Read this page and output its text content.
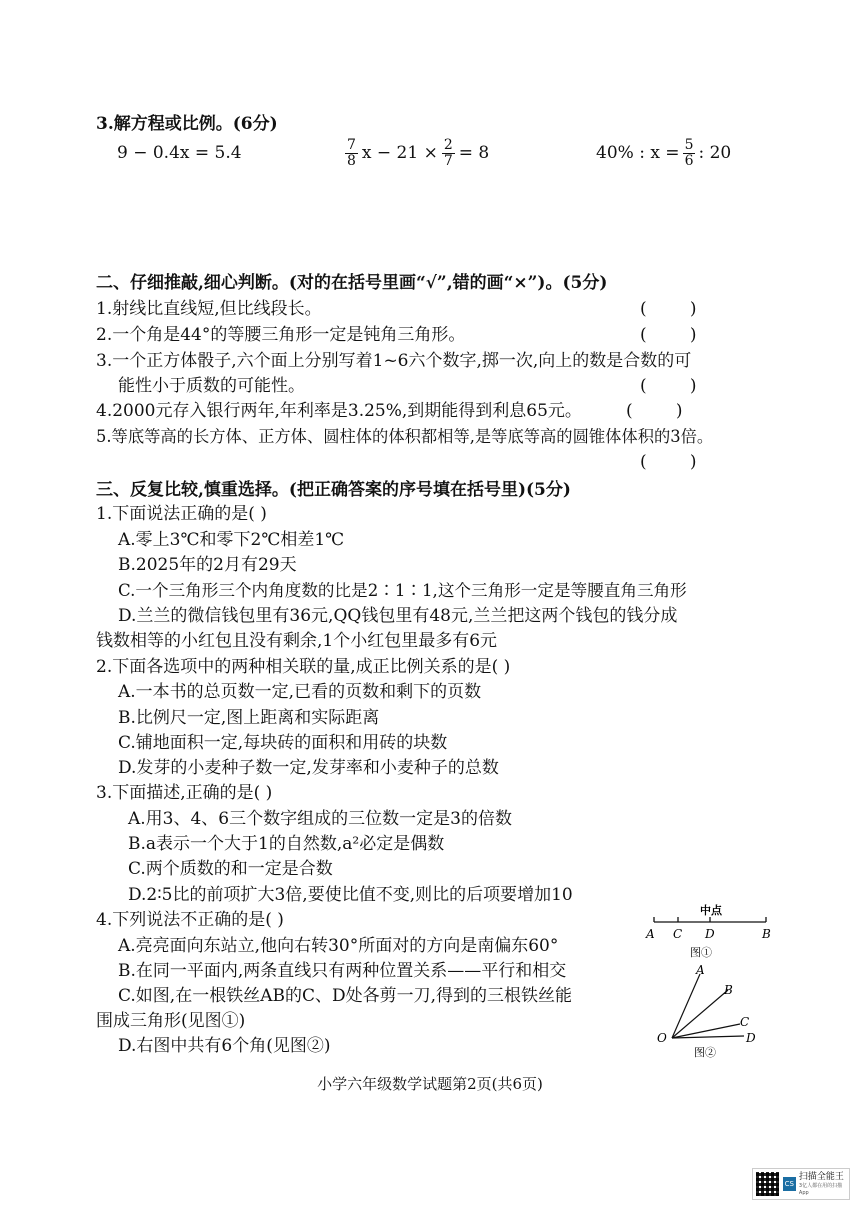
3.解方程或比例。(6分)
9 − 0.4x = 5.4	$\frac{7}{8}$ $x - 21 \times \frac{2}{7} = 8$	40% : $x = \frac{5}{6}$ : 20
二、仔细推敲,细心判断。(对的在括号里画“√”,错的画“×”)。(5分)
1.射线比直线短,但比线段长。	(        )
2.一个角是44°的等腰三角形一定是钝角三角形。	(        )
3.一个正方体骰子,六个面上分别写着1~6六个数字,掷一次,向上的数是合数的可
能性小于质数的可能性。	(        )
4.2000元存入银行两年,年利率是3.25%,到期能得到利息65元。	(        )
5.等底等高的长方体、正方体、圆柱体的体积都相等,是等底等高的圆锥体体积的3倍。
(        )
三、反复比较,慎重选择。(把正确答案的序号填在括号里)(5分)
1.下面说法正确的是( )
A.零上3℃和零下2℃相差1℃
B.2025年的2月有29天
C.一个三角形三个内角度数的比是2∶1∶1,这个三角形一定是等腰直角三角形
D.兰兰的微信钱包里有36元,QQ钱包里有48元,兰兰把这两个钱包的钱分成
钱数相等的小红包且没有剩余,1个小红包里最多有6元
2.下面各选项中的两种相关联的量,成正比例关系的是( )
A.一本书的总页数一定,已看的页数和剩下的页数
B.比例尺一定,图上距离和实际距离
C.铺地面积一定,每块砖的面积和用砖的块数
D.发芽的小麦种子数一定,发芽率和小麦种子的总数
3.下面描述,正确的是( )
A.用3、4、6三个数字组成的三位数一定是3的倍数
B.a表示一个大于1的自然数,a²必定是偶数
C.两个质数的和一定是合数
D.2∶5比的前项扩大3倍,要使比值不变,则比的后项要增加10
4.下列说法不正确的是( )
A.亮亮面向东站立,他向右转30°所面对的方向是南偏东60°
B.在同一平面内,两条直线只有两种位置关系——平行和相交
C.如图,在一根铁丝AB的C、D处各剪一刀,得到的三根铁丝能
围成三角形(见图①)
D.右图中共有6个角(见图②)
中点
A C D	B
图①
A
B
C
D
O
图②
小学六年级数学试题第2页(共6页)
CS
扫描全能王
3亿人都在用的扫描App
